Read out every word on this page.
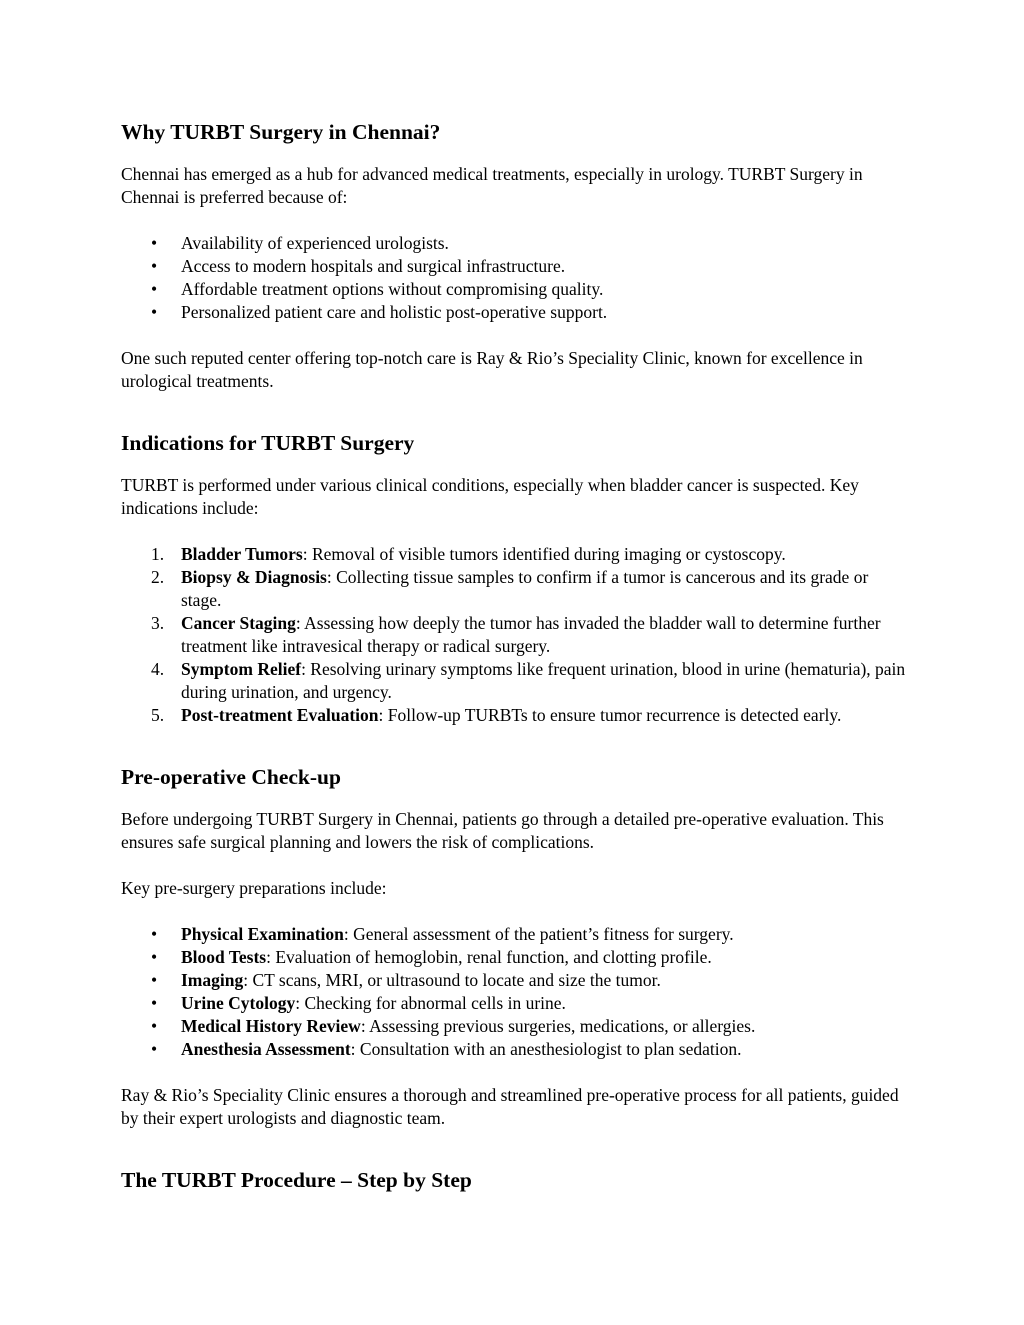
Why TURBT Surgery in Chennai?

Chennai has emerged as a hub for advanced medical treatments, especially in urology. TURBT Surgery in Chennai is preferred because of:

• Availability of experienced urologists.
• Access to modern hospitals and surgical infrastructure.
• Affordable treatment options without compromising quality.
• Personalized patient care and holistic post-operative support.

One such reputed center offering top-notch care is Ray & Rio’s Speciality Clinic, known for excellence in urological treatments.

Indications for TURBT Surgery

TURBT is performed under various clinical conditions, especially when bladder cancer is suspected. Key indications include:

1. Bladder Tumors: Removal of visible tumors identified during imaging or cystoscopy.
2. Biopsy & Diagnosis: Collecting tissue samples to confirm if a tumor is cancerous and its grade or stage.
3. Cancer Staging: Assessing how deeply the tumor has invaded the bladder wall to determine further treatment like intravesical therapy or radical surgery.
4. Symptom Relief: Resolving urinary symptoms like frequent urination, blood in urine (hematuria), pain during urination, and urgency.
5. Post-treatment Evaluation: Follow-up TURBTs to ensure tumor recurrence is detected early.
Pre-operative Check-up

Before undergoing TURBT Surgery in Chennai, patients go through a detailed pre-operative evaluation. This ensures safe surgical planning and lowers the risk of complications.

Key pre-surgery preparations include:

• Physical Examination: General assessment of the patient’s fitness for surgery.
• Blood Tests: Evaluation of hemoglobin, renal function, and clotting profile.
• Imaging: CT scans, MRI, or ultrasound to locate and size the tumor.
• Urine Cytology: Checking for abnormal cells in urine.
• Medical History Review: Assessing previous surgeries, medications, or allergies.
• Anesthesia Assessment: Consultation with an anesthesiologist to plan sedation.

Ray & Rio’s Speciality Clinic ensures a thorough and streamlined pre-operative process for all patients, guided by their expert urologists and diagnostic team.

The TURBT Procedure – Step by Step
